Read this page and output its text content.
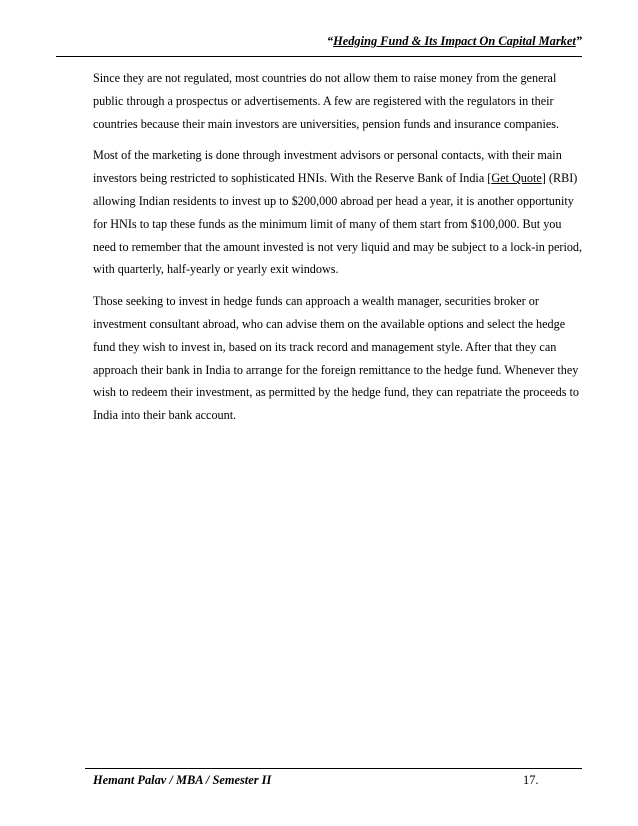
“Hedging Fund & Its Impact On Capital Market”

Since they are not regulated, most countries do not allow them to raise money from the general public through a prospectus or advertisements. A few are registered with the regulators in their countries because their main investors are universities, pension funds and insurance companies.

Most of the marketing is done through investment advisors or personal contacts, with their main investors being restricted to sophisticated HNIs. With the Reserve Bank of India [Get Quote] (RBI) allowing Indian residents to invest up to $200,000 abroad per head a year, it is another opportunity for HNIs to tap these funds as the minimum limit of many of them start from $100,000. But you need to remember that the amount invested is not very liquid and may be subject to a lock-in period, with quarterly, half-yearly or yearly exit windows.

Those seeking to invest in hedge funds can approach a wealth manager, securities broker or investment consultant abroad, who can advise them on the available options and select the hedge fund they wish to invest in, based on its track record and management style. After that they can approach their bank in India to arrange for the foreign remittance to the hedge fund. Whenever they wish to redeem their investment, as permitted by the hedge fund, they can repatriate the proceeds to India into their bank account.

Hemant Palav / MBA / Semester II	17.
